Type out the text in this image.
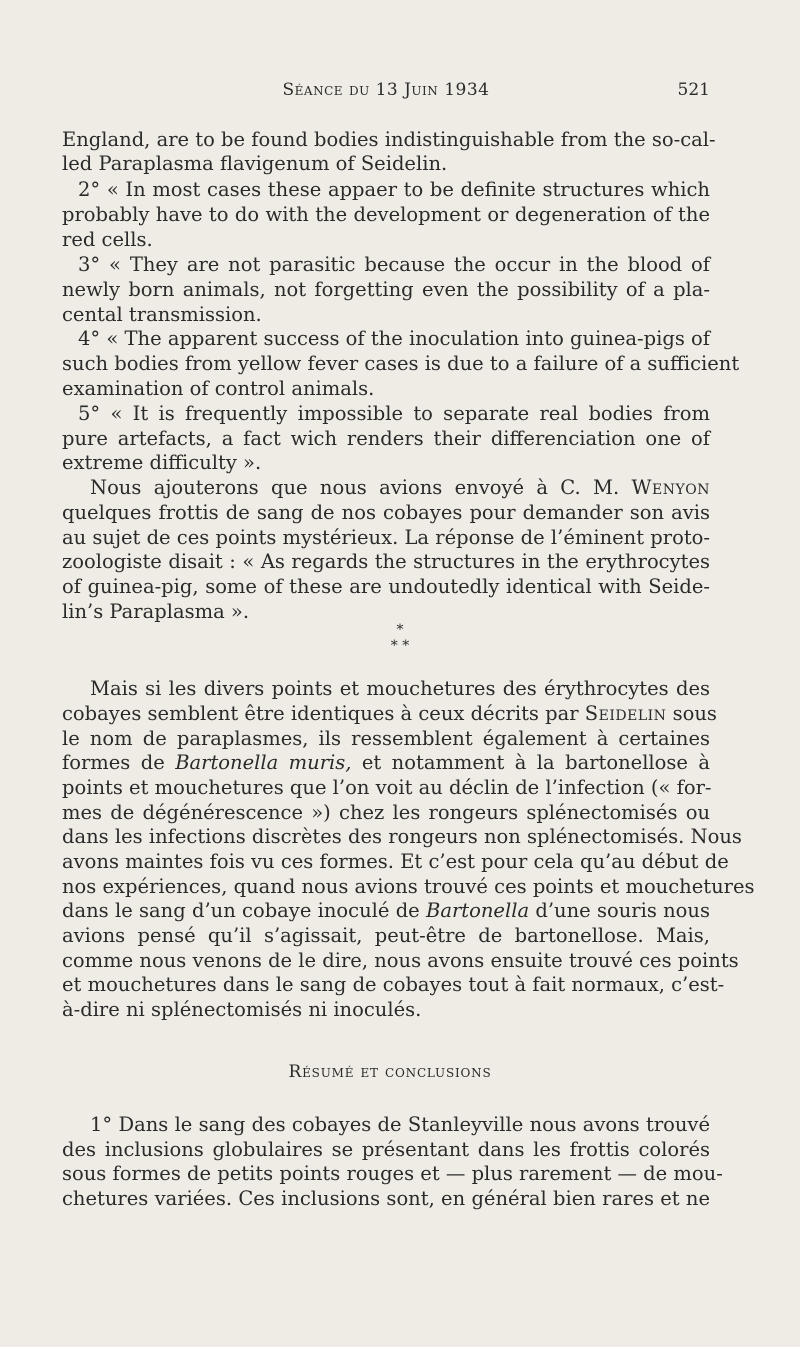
Séance du 13 Juin 1934	521
England, are to be found bodies indistinguishable from the so-cal-
led Paraplasma flavigenum of Seidelin.
2° « In most cases these appaer to be definite structures which
probably have to do with the development or degeneration of the
red cells.
3° « They are not parasitic because the occur in the blood of
newly born animals, not forgetting even the possibility of a pla-
cental transmission.
4° « The apparent success of the inoculation into guinea-pigs of
such bodies from yellow fever cases is due to a failure of a sufficient
examination of control animals.
5° « It is frequently impossible to separate real bodies from
pure artefacts, a fact wich renders their differenciation one of
extreme difficulty ».
Nous ajouterons que nous avions envoyé à C. M. Wenyon
quelques frottis de sang de nos cobayes pour demander son avis
au sujet de ces points mystérieux. La réponse de l’éminent proto-
zoologiste disait : « As regards the structures in the erythrocytes
of guinea-pig, some of these are undoutedly identical with Seide-
lin’s Paraplasma ».
*
* *
Mais si les divers points et mouchetures des érythrocytes des
cobayes semblent être identiques à ceux décrits par Seidelin sous
le nom de paraplasmes, ils ressemblent également à certaines
formes de Bartonella muris, et notamment à la bartonellose à
points et mouchetures que l’on voit au déclin de l’infection (« for-
mes de dégénérescence ») chez les rongeurs splénectomisés ou
dans les infections discrètes des rongeurs non splénectomisés. Nous
avons maintes fois vu ces formes. Et c’est pour cela qu’au début de
nos expériences, quand nous avions trouvé ces points et mouchetures
dans le sang d’un cobaye inoculé de Bartonella d’une souris nous
avions pensé qu’il s’agissait, peut-être de bartonellose. Mais,
comme nous venons de le dire, nous avons ensuite trouvé ces points
et mouchetures dans le sang de cobayes tout à fait normaux, c’est-
à-dire ni splénectomisés ni inoculés.
Résumé et conclusions
1° Dans le sang des cobayes de Stanleyville nous avons trouvé
des inclusions globulaires se présentant dans les frottis colorés
sous formes de petits points rouges et — plus rarement — de mou-
chetures variées. Ces inclusions sont, en général bien rares et ne
